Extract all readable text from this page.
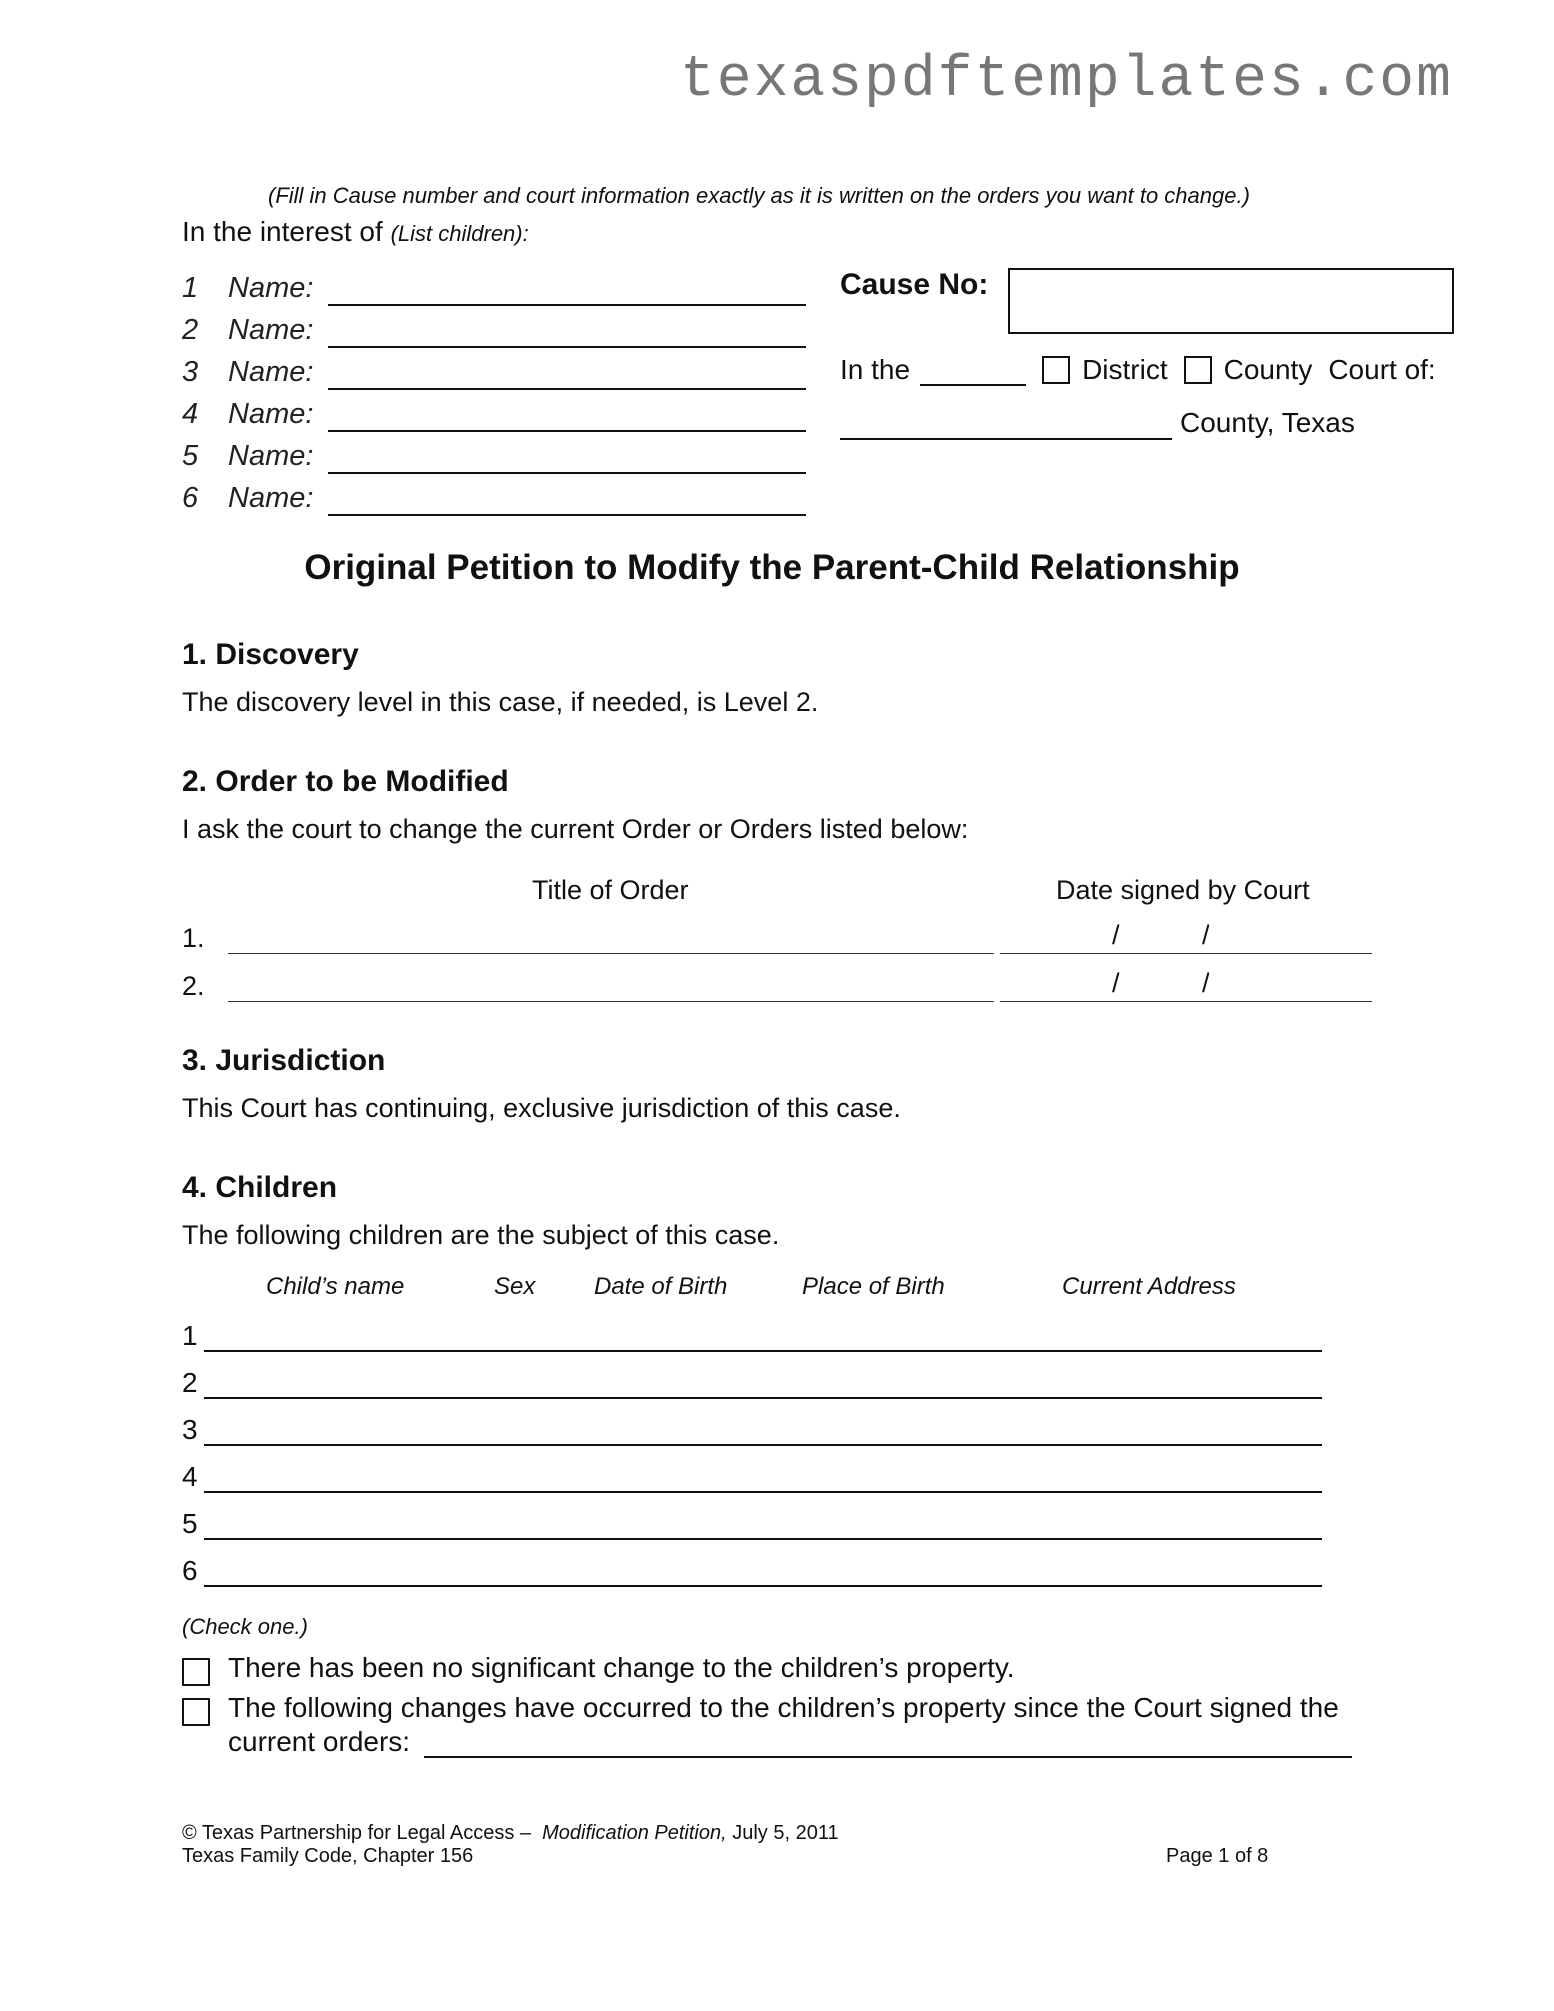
texaspdftemplates.com
(Fill in Cause number and court information exactly as it is written on the orders you want to change.)
In the interest of (List children):
1	Name:
2	Name:
3	Name:
4	Name:
5	Name:
6	Name:
Cause No:
In the	District County Court of:
County, Texas
Original Petition to Modify the Parent-Child Relationship
1. Discovery
The discovery level in this case, if needed, is Level 2.
2. Order to be Modified
I ask the court to change the current Order or Orders listed below:
Title of Order	Date signed by Court
1.	/	/
2.	/	/
3. Jurisdiction
This Court has continuing, exclusive jurisdiction of this case.
4. Children
The following children are the subject of this case.
Child’s name	Sex Date of Birth	Place of Birth	Current Address
1
2
3
4
5
6
(Check one.)
There has been no significant change to the children’s property.
The following changes have occurred to the children’s property since the Court signed the
current orders:
© Texas Partnership for Legal Access – Modification Petition, July 5, 2011
Texas Family Code, Chapter 156	Page 1 of 8
